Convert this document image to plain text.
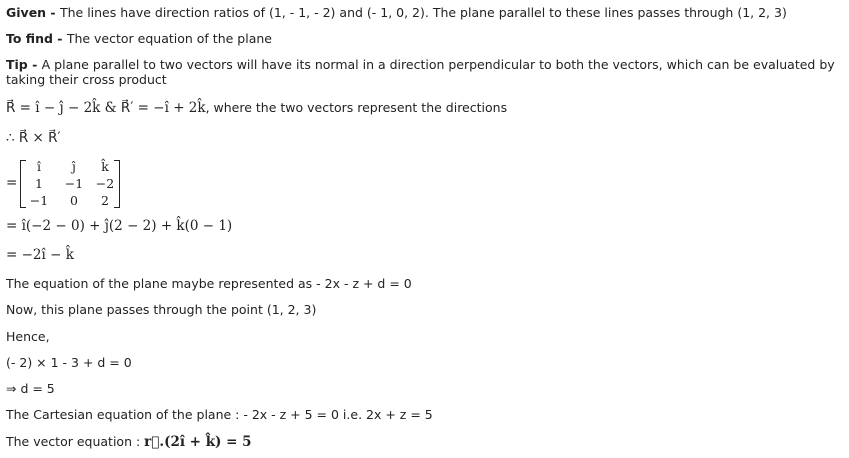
Given - The lines have direction ratios of (1, - 1, - 2) and (- 1, 0, 2). The plane parallel to these lines passes through (1, 2, 3)
To find - The vector equation of the plane
Tip - A plane parallel to two vectors will have its normal in a direction perpendicular to both the vectors, which can be evaluated by taking their cross product
R⃗ = î − ĵ − 2k̂ & R⃗′ = −î + 2k̂, where the two vectors represent the directions
∴ R⃗ × R⃗′
=
î	ĵ	k̂
1	−1	−2
−1	0	2
= î(−2 − 0) + ĵ(2 − 2) + k̂(0 − 1)
= −2î − k̂
The equation of the plane maybe represented as - 2x - z + d = 0
Now, this plane passes through the point (1, 2, 3)
Hence,
(- 2) × 1 - 3 + d = 0
⇒ d = 5
The Cartesian equation of the plane : - 2x - z + 5 = 0 i.e. 2x + z = 5
The vector equation : r⃗.(2î + k̂) = 5
